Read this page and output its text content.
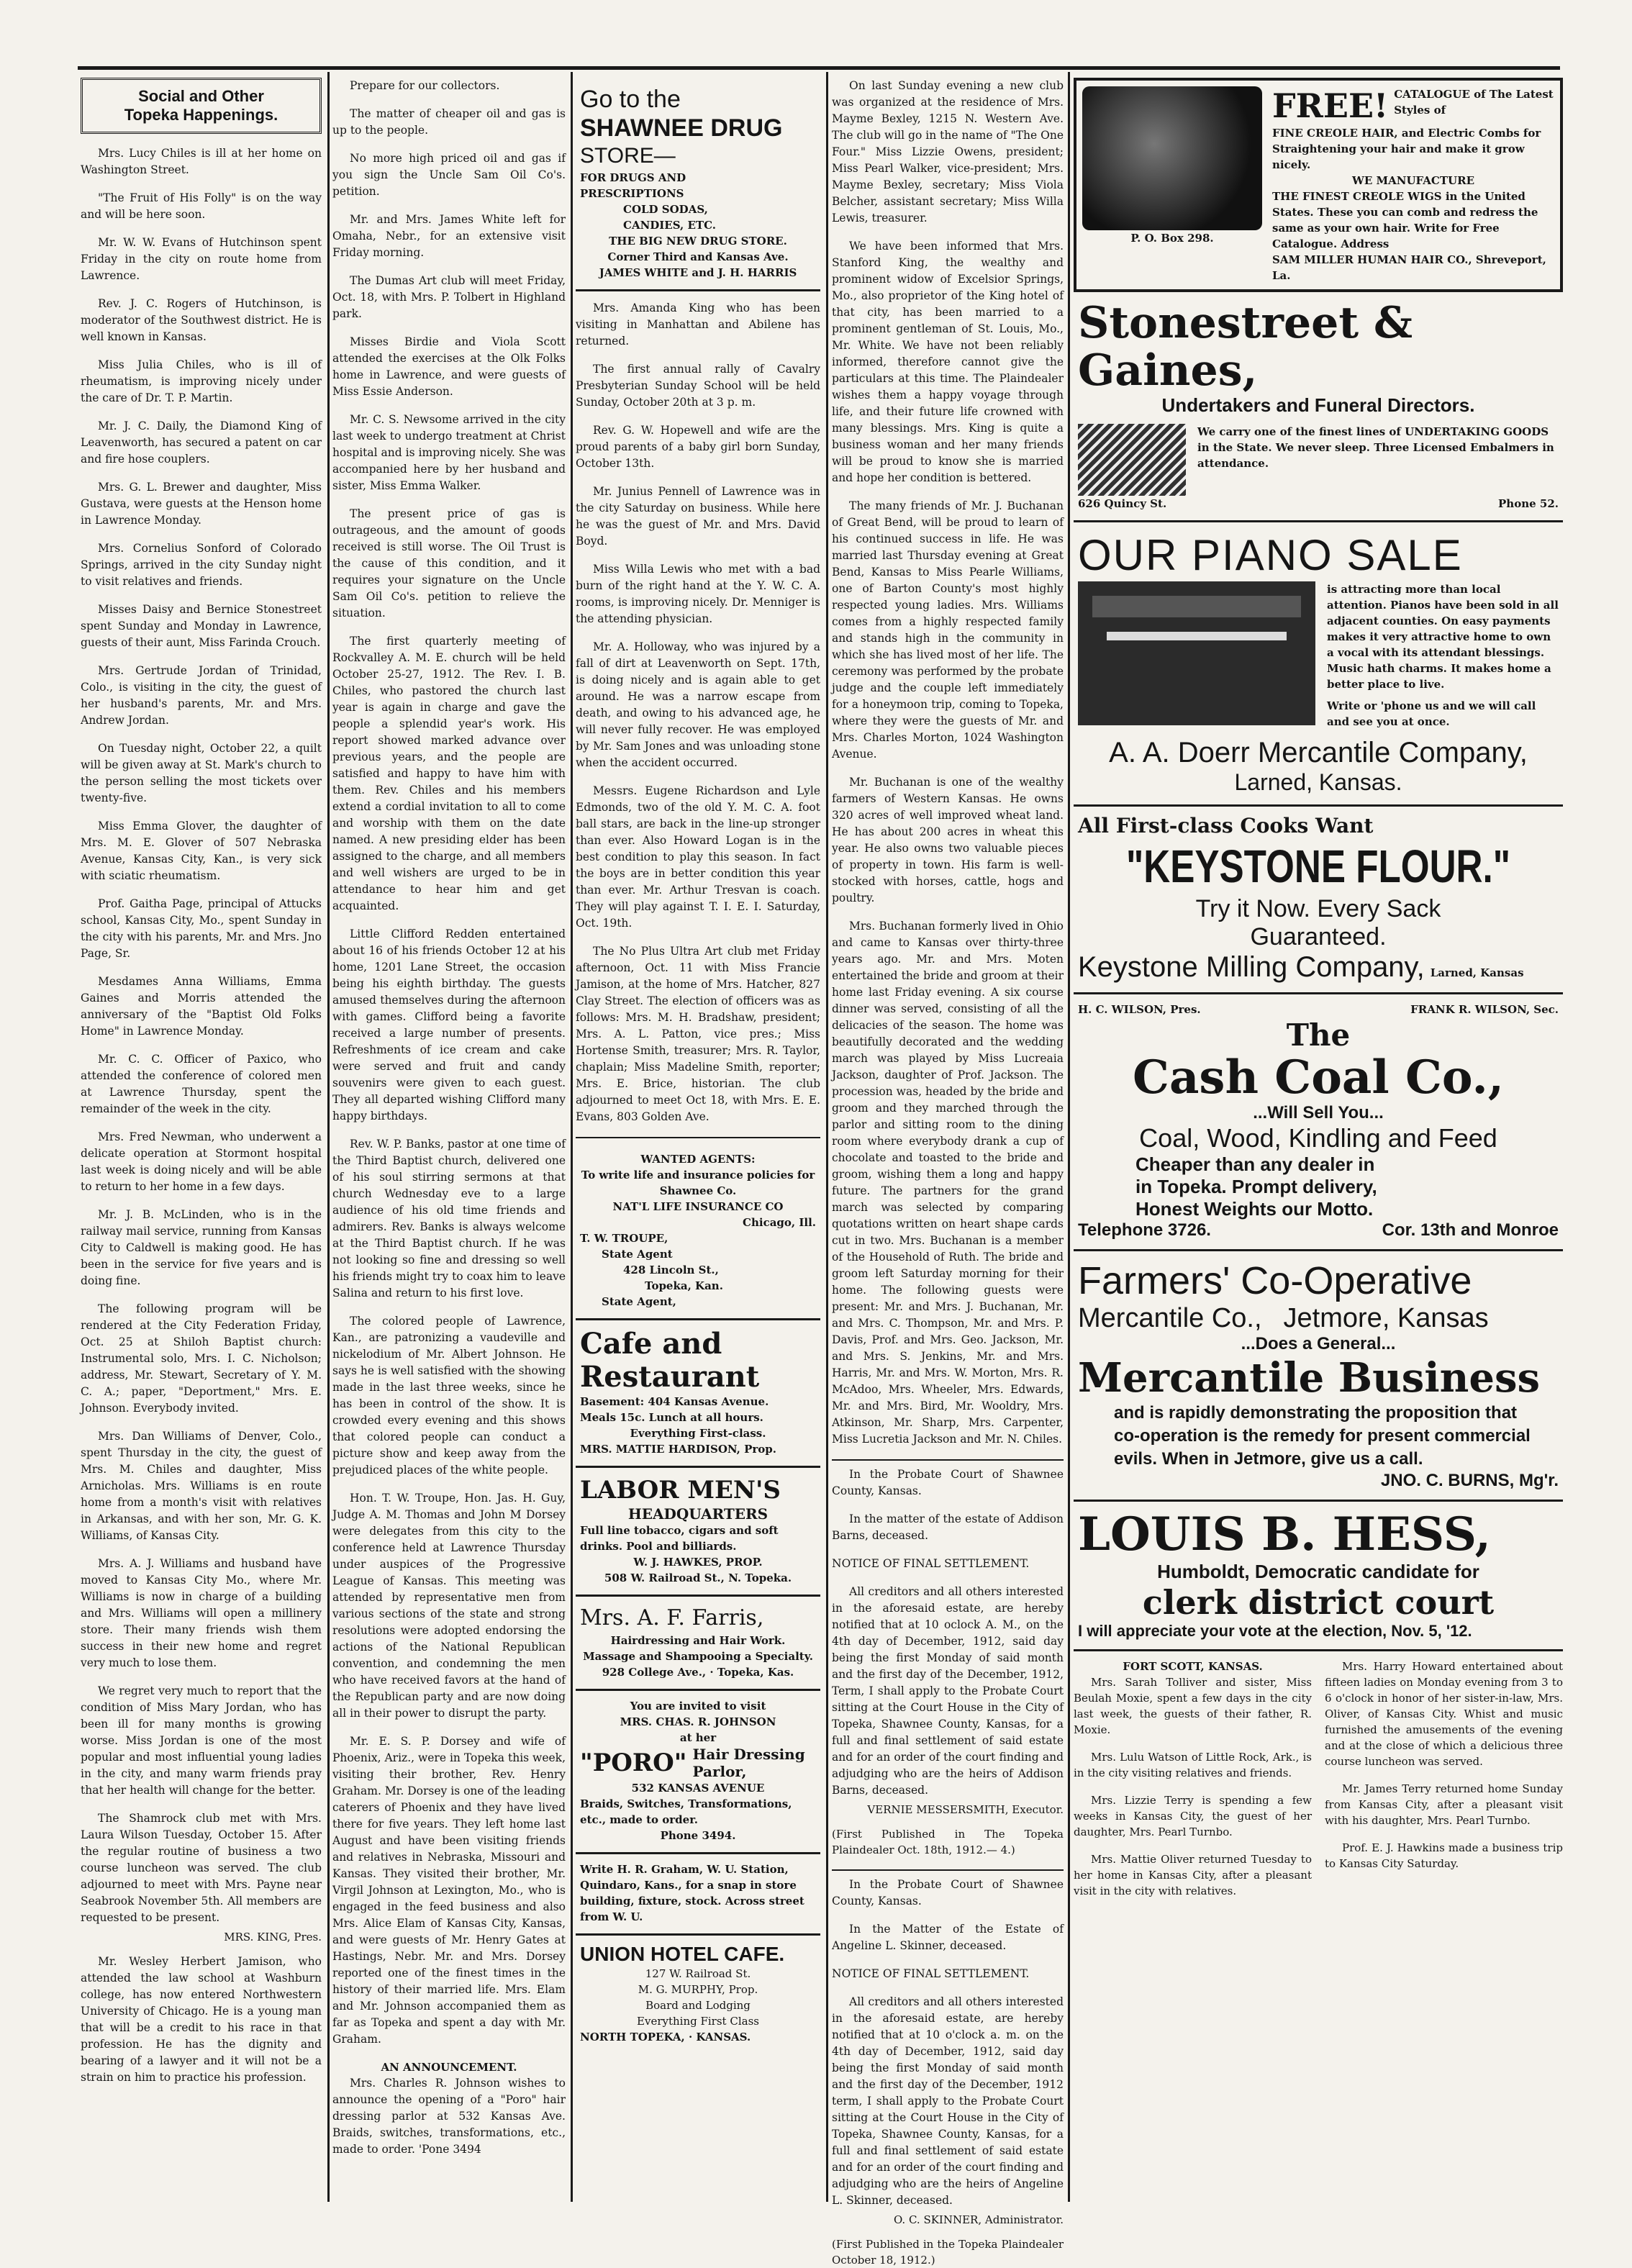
Social and Other
Topeka Happenings.

Mrs. Lucy Chiles is ill at her home on Washington Street.

"The Fruit of His Folly" is on the way and will be here soon.

Mr. W. W. Evans of Hutchinson spent Friday in the city on route home from Lawrence.

Rev. J. C. Rogers of Hutchinson, is moderator of the Southwest district. He is well known in Kansas.

Miss Julia Chiles, who is ill of rheumatism, is improving nicely under the care of Dr. T. P. Martin.

Mr. J. C. Daily, the Diamond King of Leavenworth, has secured a patent on car and fire hose couplers.

Mrs. G. L. Brewer and daughter, Miss Gustava, were guests at the Henson home in Lawrence Monday.

Mrs. Cornelius Sonford of Colorado Springs, arrived in the city Sunday night to visit relatives and friends.

Misses Daisy and Bernice Stonestreet spent Sunday and Monday in Lawrence, guests of their aunt, Miss Farinda Crouch.

Mrs. Gertrude Jordan of Trinidad, Colo., is visiting in the city, the guest of her husband's parents, Mr. and Mrs. Andrew Jordan.

On Tuesday night, October 22, a quilt will be given away at St. Mark's church to the person selling the most tickets over twenty-five.

Miss Emma Glover, the daughter of Mrs. M. E. Glover of 507 Nebraska Avenue, Kansas City, Kan., is very sick with sciatic rheumatism.

Prof. Gaitha Page, principal of Attucks school, Kansas City, Mo., spent Sunday in the city with his parents, Mr. and Mrs. Jno Page, Sr.

Mesdames Anna Williams, Emma Gaines and Morris attended the anniversary of the "Baptist Old Folks Home" in Lawrence Monday.

Mr. C. C. Officer of Paxico, who attended the conference of colored men at Lawrence Thursday, spent the remainder of the week in the city.

Mrs. Fred Newman, who underwent a delicate operation at Stormont hospital last week is doing nicely and will be able to return to her home in a few days.

Mr. J. B. McLinden, who is in the railway mail service, running from Kansas City to Caldwell is making good. He has been in the service for five years and is doing fine.

The following program will be rendered at the City Federation Friday, Oct. 25 at Shiloh Baptist church: Instrumental solo, Mrs. I. C. Nicholson; address, Mr. Stewart, Secretary of Y. M. C. A.; paper, "Deportment," Mrs. E. Johnson. Everybody invited.

Mrs. Dan Williams of Denver, Colo., spent Thursday in the city, the guest of Mrs. M. Chiles and daughter, Miss Arnicholas. Mrs. Williams is en route home from a month's visit with relatives in Arkansas, and with her son, Mr. G. K. Williams, of Kansas City.

Mrs. A. J. Williams and husband have moved to Kansas City Mo., where Mr. Williams is now in charge of a building and Mrs. Williams will open a millinery store. Their many friends wish them success in their new home and regret very much to lose them.

We regret very much to report that the condition of Miss Mary Jordan, who has been ill for many months is growing worse. Miss Jordan is one of the most popular and most influential young ladies in the city, and many warm friends pray that her health will change for the better.

The Shamrock club met with Mrs. Laura Wilson Tuesday, October 15. After the regular routine of business a two course luncheon was served. The club adjourned to meet with Mrs. Payne near Seabrook November 5th. All members are requested to be present.

MRS. KING, Pres.

Mr. Wesley Herbert Jamison, who attended the law school at Washburn college, has now entered Northwestern University of Chicago. He is a young man that will be a credit to his race in that profession. He has the dignity and bearing of a lawyer and it will not be a strain on him to practice his profession.

Prepare for our collectors.

The matter of cheaper oil and gas is up to the people.

No more high priced oil and gas if you sign the Uncle Sam Oil Co's. petition.

Mr. and Mrs. James White left for Omaha, Nebr., for an extensive visit Friday morning.

The Dumas Art club will meet Friday, Oct. 18, with Mrs. P. Tolbert in Highland park.

Misses Birdie and Viola Scott attended the exercises at the Olk Folks home in Lawrence, and were guests of Miss Essie Anderson.

Mr. C. S. Newsome arrived in the city last week to undergo treatment at Christ hospital and is improving nicely. She was accompanied here by her husband and sister, Miss Emma Walker.

The present price of gas is outrageous, and the amount of goods received is still worse. The Oil Trust is the cause of this condition, and it requires your signature on the Uncle Sam Oil Co's. petition to relieve the situation.

The first quarterly meeting of Rockvalley A. M. E. church will be held October 25-27, 1912. The Rev. I. B. Chiles, who pastored the church last year is again in charge and gave the people a splendid year's work. His report showed marked advance over previous years, and the people are satisfied and happy to have him with them. Rev. Chiles and his members extend a cordial invitation to all to come and worship with them on the date named. A new presiding elder has been assigned to the charge, and all members and well wishers are urged to be in attendance to hear him and get acquainted.

Little Clifford Redden entertained about 16 of his friends October 12 at his home, 1201 Lane Street, the occasion being his eighth birthday. The guests amused themselves during the afternoon with games. Clifford being a favorite received a large number of presents. Refreshments of ice cream and cake were served and fruit and candy souvenirs were given to each guest. They all departed wishing Clifford many happy birthdays.

Rev. W. P. Banks, pastor at one time of the Third Baptist church, delivered one of his soul stirring sermons at that church Wednesday eve to a large audience of his old time friends and admirers. Rev. Banks is always welcome at the Third Baptist church. If he was not looking so fine and dressing so well his friends might try to coax him to leave Salina and return to his first love.

The colored people of Lawrence, Kan., are patronizing a vaudeville and nickelodium of Mr. Albert Johnson. He says he is well satisfied with the showing made in the last three weeks, since he has been in control of the show. It is crowded every evening and this shows that colored people can conduct a picture show and keep away from the prejudiced places of the white people.

Hon. T. W. Troupe, Hon. Jas. H. Guy, Judge A. M. Thomas and John M Dorsey were delegates from this city to the conference held at Lawrence Thursday under auspices of the Progressive League of Kansas. This meeting was attended by representative men from various sections of the state and strong resolutions were adopted endorsing the actions of the National Republican convention, and condemning the men who have received favors at the hand of the Republican party and are now doing all in their power to disrupt the party.

Mr. E. S. P. Dorsey and wife of Phoenix, Ariz., were in Topeka this week, visiting their brother, Rev. Henry Graham. Mr. Dorsey is one of the leading caterers of Phoenix and they have lived there for five years. They left home last August and have been visiting friends and relatives in Nebraska, Missouri and Kansas. They visited their brother, Mr. Virgil Johnson at Lexington, Mo., who is engaged in the feed business and also Mrs. Alice Elam of Kansas City, Kansas, and were guests of Mr. Henry Gates at Hastings, Nebr. Mr. and Mrs. Dorsey reported one of the finest times in the history of their married life. Mrs. Elam and Mr. Johnson accompanied them as far as Topeka and spent a day with Mr. Graham.

AN ANNOUNCEMENT.

Mrs. Charles R. Johnson wishes to announce the opening of a "Poro" hair dressing parlor at 532 Kansas Ave. Braids, switches, transformations, etc., made to order. 'Pone 3494

Go to the
SHAWNEE DRUG
STORE—
FOR DRUGS AND
PRESCRIPTIONS
COLD SODAS,
CANDIES, ETC.
THE BIG NEW DRUG STORE.
Corner Third and Kansas Ave.
JAMES WHITE and J. H. HARRIS

Mrs. Amanda King who has been visiting in Manhattan and Abilene has returned.

The first annual rally of Cavalry Presbyterian Sunday School will be held Sunday, October 20th at 3 p. m.

Rev. G. W. Hopewell and wife are the proud parents of a baby girl born Sunday, October 13th.

Mr. Junius Pennell of Lawrence was in the city Saturday on business. While here he was the guest of Mr. and Mrs. David Boyd.

Miss Willa Lewis who met with a bad burn of the right hand at the Y. W. C. A. rooms, is improving nicely. Dr. Menniger is the attending physician.

Mr. A. Holloway, who was injured by a fall of dirt at Leavenworth on Sept. 17th, is doing nicely and is again able to get around. He was a narrow escape from death, and owing to his advanced age, he will never fully recover. He was employed by Mr. Sam Jones and was unloading stone when the accident occurred.

Messrs. Eugene Richardson and Lyle Edmonds, two of the old Y. M. C. A. foot ball stars, are back in the line-up stronger than ever. Also Howard Logan is in the best condition to play this season. In fact the boys are in better condition this year than ever. Mr. Arthur Tresvan is coach. They will play against T. I. E. I. Saturday, Oct. 19th.

The No Plus Ultra Art club met Friday afternoon, Oct. 11 with Miss Francie Jamison, at the home of Mrs. Hatcher, 827 Clay Street. The election of officers was as follows: Mrs. M. H. Bradshaw, president; Mrs. A. L. Patton, vice pres.; Miss Hortense Smith, treasurer; Mrs. R. Taylor, chaplain; Miss Madeline Smith, reporter; Mrs. E. Brice, historian. The club adjourned to meet Oct 18, with Mrs. E. E. Evans, 803 Golden Ave.

WANTED AGENTS:
To write life and insurance policies for Shawnee Co.
NAT'L LIFE INSURANCE CO
Chicago, Ill.
T. W. TROUPE,
State Agent
428 Lincoln St.,
Topeka, Kan.
State Agent,
Cafe and Restaurant
Basement: 404 Kansas Avenue.
Meals 15c. Lunch at all hours.
Everything First-class.
MRS. MATTIE HARDISON, Prop.
LABOR MEN'S
HEADQUARTERS
Full line tobacco, cigars and soft drinks. Pool and billiards.
W. J. HAWKES, PROP.
508 W. Railroad St., N. Topeka.
Mrs. A. F. Farris,
Hairdressing and Hair Work.
Massage and Shampooing a Specialty.
928 College Ave., · Topeka, Kas.
You are invited to visit
MRS. CHAS. R. JOHNSON
at her
"PORO" Hair Dressing Parlor,
532 KANSAS AVENUE
Braids, Switches, Transformations, etc., made to order.
Phone 3494.
Write H. R. Graham, W. U. Station, Quindaro, Kans., for a snap in store building, fixture, stock. Across street from W. U.
UNION HOTEL CAFE.
127 W. Railroad St.
M. G. MURPHY, Prop.
Board and Lodging
Everything First Class
NORTH TOPEKA, · KANSAS.

On last Sunday evening a new club was organized at the residence of Mrs. Mayme Bexley, 1215 N. Western Ave. The club will go in the name of "The One Four." Miss Lizzie Owens, president; Miss Pearl Walker, vice-president; Mrs. Mayme Bexley, secretary; Miss Viola Belcher, assistant secretary; Miss Willa Lewis, treasurer.

We have been informed that Mrs. Stanford King, the wealthy and prominent widow of Excelsior Springs, Mo., also proprietor of the King hotel of that city, has been married to a prominent gentleman of St. Louis, Mo., Mr. White. We have not been reliably informed, therefore cannot give the particulars at this time. The Plaindealer wishes them a happy voyage through life, and their future life crowned with many blessings. Mrs. King is quite a business woman and her many friends will be proud to know she is married and hope her condition is bettered.

The many friends of Mr. J. Buchanan of Great Bend, will be proud to learn of his continued success in life. He was married last Thursday evening at Great Bend, Kansas to Miss Pearle Williams, one of Barton County's most highly respected young ladies. Mrs. Williams comes from a highly respected family and stands high in the community in which she has lived most of her life. The ceremony was performed by the probate judge and the couple left immediately for a honeymoon trip, coming to Topeka, where they were the guests of Mr. and Mrs. Charles Morton, 1024 Washington Avenue.

Mr. Buchanan is one of the wealthy farmers of Western Kansas. He owns 320 acres of well improved wheat land. He has about 200 acres in wheat this year. He also owns two valuable pieces of property in town. His farm is well-stocked with horses, cattle, hogs and poultry.

Mrs. Buchanan formerly lived in Ohio and came to Kansas over thirty-three years ago. Mr. and Mrs. Moten entertained the bride and groom at their home last Friday evening. A six course dinner was served, consisting of all the delicacies of the season. The home was beautifully decorated and the wedding march was played by Miss Lucreaia Jackson, daughter of Prof. Jackson. The procession was, headed by the bride and groom and they marched through the parlor and sitting room to the dining room where everybody drank a cup of chocolate and toasted to the bride and groom, wishing them a long and happy future. The partners for the grand march was selected by comparing quotations written on heart shape cards cut in two. Mrs. Buchanan is a member of the Household of Ruth. The bride and groom left Saturday morning for their home. The following guests were present: Mr. and Mrs. J. Buchanan, Mr. and Mrs. C. Thompson, Mr. and Mrs. P. Davis, Prof. and Mrs. Geo. Jackson, Mr. and Mrs. S. Jenkins, Mr. and Mrs. Harris, Mr. and Mrs. W. Morton, Mrs. R. McAdoo, Mrs. Wheeler, Mrs. Edwards, Mr. and Mrs. Bird, Mr. Wooldry, Mrs. Atkinson, Mr. Sharp, Mrs. Carpenter, Miss Lucretia Jackson and Mr. N. Chiles.

In the Probate Court of Shawnee County, Kansas.

In the matter of the estate of Addison Barns, deceased.

NOTICE OF FINAL SETTLEMENT.

All creditors and all others interested in the aforesaid estate, are hereby notified that at 10 oclock A. M., on the 4th day of December, 1912, said day being the first Monday of said month and the first day of the December, 1912, Term, I shall apply to the Probate Court sitting at the Court House in the City of Topeka, Shawnee County, Kansas, for a full and final settlement of said estate and for an order of the court finding and adjudging who are the heirs of Addison Barns, deceased.

VERNIE MESSERSMITH, Executor.

(First Published in The Topeka Plaindealer Oct. 18th, 1912.— 4.)

In the Probate Court of Shawnee County, Kansas.

In the Matter of the Estate of Angeline L. Skinner, deceased.

NOTICE OF FINAL SETTLEMENT.

All creditors and all others interested in the aforesaid estate, are hereby notified that at 10 o'clock a. m. on the 4th day of December, 1912, said day being the first Monday of said month and the first day of the December, 1912 term, I shall apply to the Probate Court sitting at the Court House in the City of Topeka, Shawnee County, Kansas, for a full and final settlement of said estate and for an order of the court finding and adjudging who are the heirs of Angeline L. Skinner, deceased.

O. C. SKINNER, Administrator.

(First Published in the Topeka Plaindealer October 18, 1912.)

P. O. Box 298.
FREE! CATALOGUE of The Latest Styles of
FINE CREOLE HAIR, and Electric Combs for Straightening your hair and make it grow nicely.
WE MANUFACTURE
THE FINEST CREOLE WIGS in the United States. These you can comb and redress the same as your own hair. Write for Free Catalogue. Address
SAM MILLER HUMAN HAIR CO., Shreveport, La.
Stonestreet & Gaines,
Undertakers and Funeral Directors.
We carry one of the finest lines of UNDERTAKING GOODS in the State. We never sleep. Three Licensed Embalmers in attendance.
626 Quincy St.	Phone 52.
OUR PIANO SALE
is attracting more than local attention. Pianos have been sold in all adjacent counties. On easy payments makes it very attractive home to own a vocal with its attendant blessings. Music hath charms. It makes home a better place to live.
Write or 'phone us and we will call and see you at once.
A. A. Doerr Mercantile Company,
Larned, Kansas.
All First-class Cooks Want
"KEYSTONE FLOUR."
Try it Now. Every Sack
Guaranteed.
Keystone Milling Company, Larned, Kansas
H. C. WILSON, Pres.	FRANK R. WILSON, Sec.
The
Cash Coal Co.,
...Will Sell You...
Coal, Wood, Kindling and Feed
Cheaper than any dealer in
in Topeka. Prompt delivery,
Honest Weights our Motto.
Telephone 3726.	Cor. 13th and Monroe
Farmers' Co-Operative
Mercantile Co., Jetmore, Kansas
...Does a General...
Mercantile Business
and is rapidly demonstrating the proposition that co-operation is the remedy for present commercial evils. When in Jetmore, give us a call.
JNO. C. BURNS, Mg'r.
LOUIS B. HESS,
Humboldt, Democratic candidate for
clerk district court
I will appreciate your vote at the election, Nov. 5, '12.
FORT SCOTT, KANSAS.

Mrs. Sarah Tolliver and sister, Miss Beulah Moxie, spent a few days in the city last week, the guests of their father, R. Moxie.

Mrs. Lulu Watson of Little Rock, Ark., is in the city visiting relatives and friends.

Mrs. Lizzie Terry is spending a few weeks in Kansas City, the guest of her daughter, Mrs. Pearl Turnbo.

Mrs. Mattie Oliver returned Tuesday to her home in Kansas City, after a pleasant visit in the city with relatives.

Mrs. Harry Howard entertained about fifteen ladies on Monday evening from 3 to 6 o'clock in honor of her sister-in-law, Mrs. Oliver, of Kansas City. Whist and music furnished the amusements of the evening and at the close of which a delicious three course luncheon was served.

Mr. James Terry returned home Sunday from Kansas City, after a pleasant visit with his daughter, Mrs. Pearl Turnbo.

Prof. E. J. Hawkins made a business trip to Kansas City Saturday.
